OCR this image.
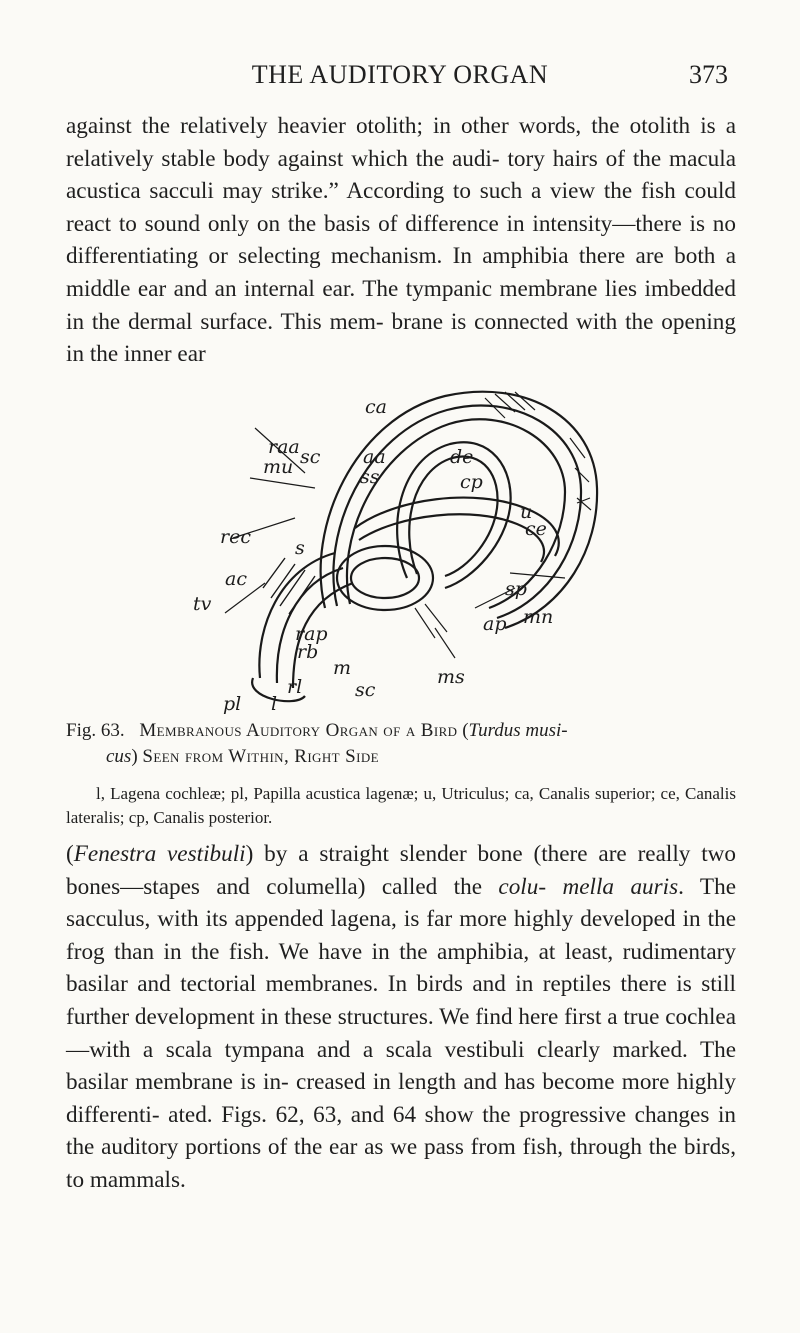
THE AUDITORY ORGAN	373

against the relatively heavier otolith; in other words, the otolith is a relatively stable body against which the audi- tory hairs of the macula acustica sacculi may strike.” According to such a view the fish could react to sound only on the basis of difference in intensity—there is no differentiating or selecting mechanism. In amphibia there are both a middle ear and an internal ear. The tympanic membrane lies imbedded in the dermal surface. This mem- brane is connected with the opening in the inner ear

ca
raa sc
mu	aa
ss
de
cp
u
ce
rec s
ac
tv
sp
mn
ap
rap
rb
m
rl	sc
ms
pl l

Fig. 63. Membranous Auditory Organ of a Bird (Turdus musi-
cus) Seen from Within, Right Side

l, Lagena cochleæ; pl, Papilla acustica lagenæ; u, Utriculus; ca, Canalis superior; ce, Canalis lateralis; cp, Canalis posterior.

(Fenestra vestibuli) by a straight slender bone (there are really two bones—stapes and columella) called the colu- mella auris. The sacculus, with its appended lagena, is far more highly developed in the frog than in the fish. We have in the amphibia, at least, rudimentary basilar and tectorial membranes. In birds and in reptiles there is still further development in these structures. We find here first a true cochlea—with a scala tympana and a scala vestibuli clearly marked. The basilar membrane is in- creased in length and has become more highly differenti- ated. Figs. 62, 63, and 64 show the progressive changes in the auditory portions of the ear as we pass from fish, through the birds, to mammals.
